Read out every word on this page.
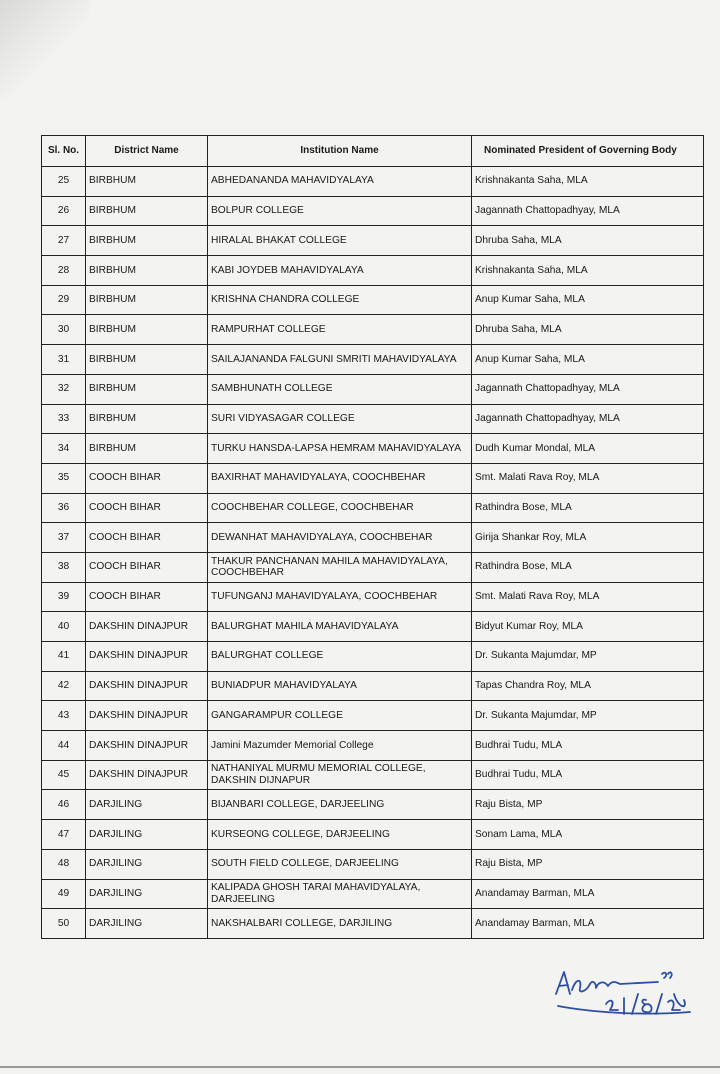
Sl. No.	District Name	Institution Name	Nominated President of Governing Body
25	BIRBHUM	ABHEDANANDA MAHAVIDYALAYA	Krishnakanta Saha, MLA
26	BIRBHUM	BOLPUR COLLEGE	Jagannath Chattopadhyay, MLA
27	BIRBHUM	HIRALAL BHAKAT COLLEGE	Dhruba Saha, MLA
28	BIRBHUM	KABI JOYDEB MAHAVIDYALAYA	Krishnakanta Saha, MLA
29	BIRBHUM	KRISHNA CHANDRA COLLEGE	Anup Kumar Saha, MLA
30	BIRBHUM	RAMPURHAT COLLEGE	Dhruba Saha, MLA
31	BIRBHUM	SAILAJANANDA FALGUNI SMRITI MAHAVIDYALAYA	Anup Kumar Saha, MLA
32	BIRBHUM	SAMBHUNATH COLLEGE	Jagannath Chattopadhyay, MLA
33	BIRBHUM	SURI VIDYASAGAR COLLEGE	Jagannath Chattopadhyay, MLA
34	BIRBHUM	TURKU HANSDA-LAPSA HEMRAM MAHAVIDYALAYA	Dudh Kumar Mondal, MLA
35	COOCH BIHAR	BAXIRHAT MAHAVIDYALAYA, COOCHBEHAR	Smt. Malati Rava Roy, MLA
36	COOCH BIHAR	COOCHBEHAR COLLEGE, COOCHBEHAR	Rathindra Bose, MLA
37	COOCH BIHAR	DEWANHAT MAHAVIDYALAYA, COOCHBEHAR	Girija Shankar Roy, MLA
38	COOCH BIHAR	THAKUR PANCHANAN MAHILA MAHAVIDYALAYA, COOCHBEHAR	Rathindra Bose, MLA
39	COOCH BIHAR	TUFUNGANJ MAHAVIDYALAYA, COOCHBEHAR	Smt. Malati Rava Roy, MLA
40	DAKSHIN DINAJPUR	BALURGHAT MAHILA MAHAVIDYALAYA	Bidyut Kumar Roy, MLA
41	DAKSHIN DINAJPUR	BALURGHAT COLLEGE	Dr. Sukanta Majumdar, MP
42	DAKSHIN DINAJPUR	BUNIADPUR MAHAVIDYALAYA	Tapas Chandra Roy, MLA
43	DAKSHIN DINAJPUR	GANGARAMPUR COLLEGE	Dr. Sukanta Majumdar, MP
44	DAKSHIN DINAJPUR	Jamini Mazumder Memorial College	Budhrai Tudu, MLA
45	DAKSHIN DINAJPUR	NATHANIYAL MURMU MEMORIAL COLLEGE, DAKSHIN DIJNAPUR	Budhrai Tudu, MLA
46	DARJILING	BIJANBARI COLLEGE, DARJEELING	Raju Bista, MP
47	DARJILING	KURSEONG COLLEGE, DARJEELING	Sonam Lama, MLA
48	DARJILING	SOUTH FIELD COLLEGE, DARJEELING	Raju Bista, MP
49	DARJILING	KALIPADA GHOSH TARAI MAHAVIDYALAYA, DARJEELING	Anandamay Barman, MLA
50	DARJILING	NAKSHALBARI COLLEGE, DARJILING	Anandamay Barman, MLA
